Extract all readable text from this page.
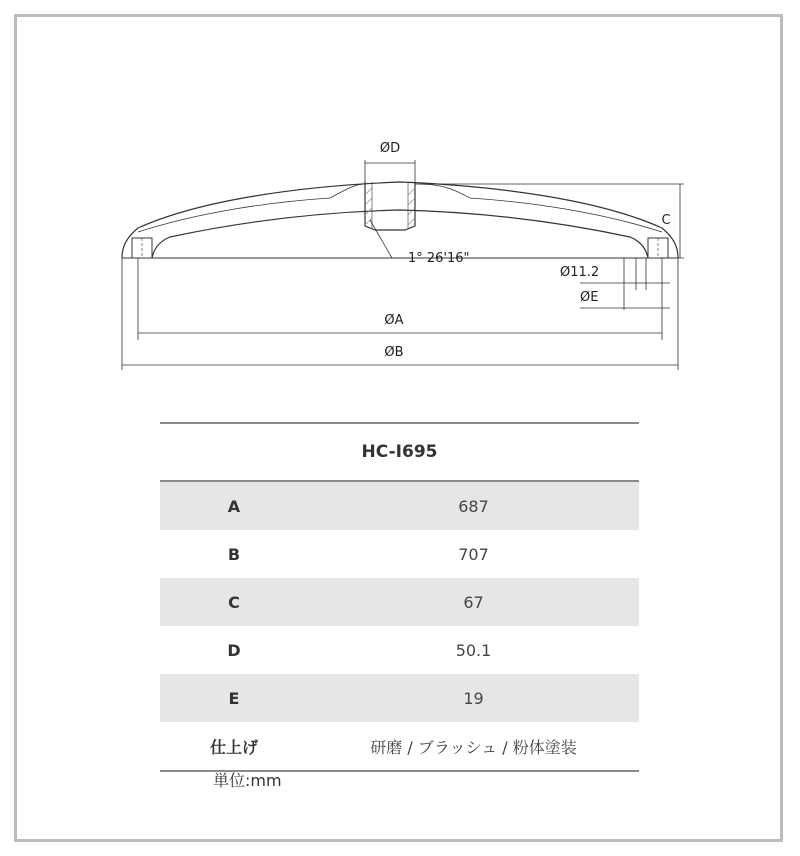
ØD
C
1° 26'16"
Ø11.2
ØE
ØA
ØB
HC-I695	
A	687
B	707
C	67
D	50.1
E	19
仕上げ	研磨 / ブラッシュ / 粉体塗装
単位:mm
